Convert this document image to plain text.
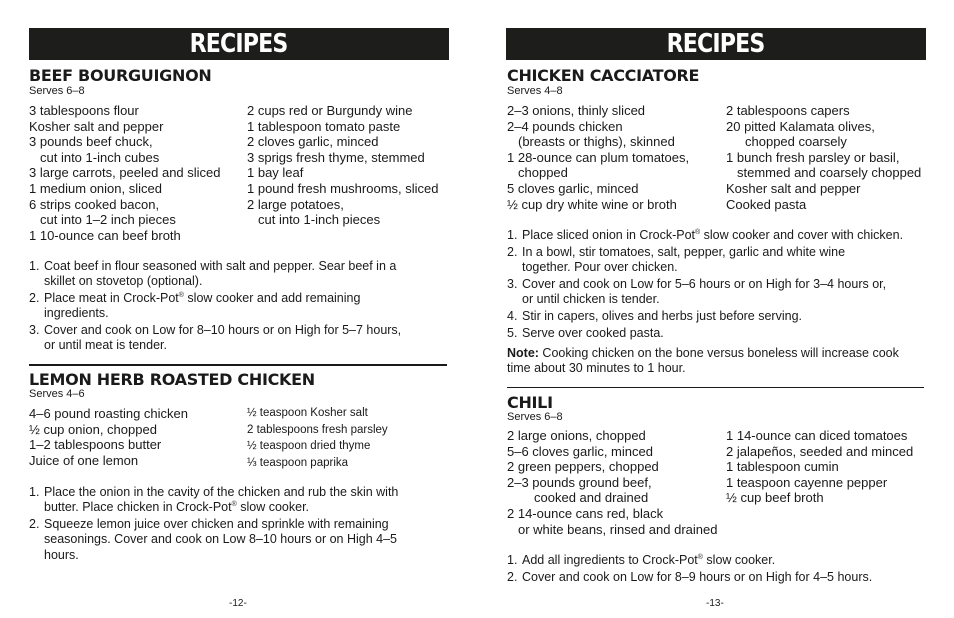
RECIPES
BEEF BOURGUIGNON
Serves 6–8
3 tablespoons flour
Kosher salt and pepper
3 pounds beef chuck,
cut into 1-inch cubes
3 large carrots, peeled and sliced
1 medium onion, sliced
6 strips cooked bacon,
cut into 1–2 inch pieces
1 10-ounce can beef broth
2 cups red or Burgundy wine
1 tablespoon tomato paste
2 cloves garlic, minced
3 sprigs fresh thyme, stemmed
1 bay leaf
1 pound fresh mushrooms, sliced
2 large potatoes,
cut into 1-inch pieces
1. Coat beef in flour seasoned with salt and pepper. Sear beef in a
skillet on stovetop (optional).
2. Place meat in Crock-Pot® slow cooker and add remaining
ingredients.
3. Cover and cook on Low for 8–10 hours or on High for 5–7 hours,
or until meat is tender.
LEMON HERB ROASTED CHICKEN
Serves 4–6
4–6 pound roasting chicken
½ cup onion, chopped
1–2 tablespoons butter
Juice of one lemon
½ teaspoon Kosher salt
2 tablespoons fresh parsley
½ teaspoon dried thyme
⅓ teaspoon paprika
1. Place the onion in the cavity of the chicken and rub the skin with
butter. Place chicken in Crock-Pot® slow cooker.
2. Squeeze lemon juice over chicken and sprinkle with remaining
seasonings. Cover and cook on Low 8–10 hours or on High 4–5
hours.
-12-
RECIPES
CHICKEN CACCIATORE
Serves 4–8
2–3 onions, thinly sliced
2–4 pounds chicken
(breasts or thighs), skinned
1 28-ounce can plum tomatoes,
chopped
5 cloves garlic, minced
½ cup dry white wine or broth
2 tablespoons capers
20 pitted Kalamata olives,
chopped coarsely
1 bunch fresh parsley or basil,
stemmed and coarsely chopped
Kosher salt and pepper
Cooked pasta
1. Place sliced onion in Crock-Pot® slow cooker and cover with chicken.
2. In a bowl, stir tomatoes, salt, pepper, garlic and white wine
together. Pour over chicken.
3. Cover and cook on Low for 5–6 hours or on High for 3–4 hours or,
or until chicken is tender.
4. Stir in capers, olives and herbs just before serving.
5. Serve over cooked pasta.
Note: Cooking chicken on the bone versus boneless will increase cook
time about 30 minutes to 1 hour.
CHILI
Serves 6–8
2 large onions, chopped
5–6 cloves garlic, minced
2 green peppers, chopped
2–3 pounds ground beef,
cooked and drained
2 14-ounce cans red, black
or white beans, rinsed and drained
1 14-ounce can diced tomatoes
2 jalapeños, seeded and minced
1 tablespoon cumin
1 teaspoon cayenne pepper
½ cup beef broth
1. Add all ingredients to Crock-Pot® slow cooker.
2. Cover and cook on Low for 8–9 hours or on High for 4–5 hours.
-13-
